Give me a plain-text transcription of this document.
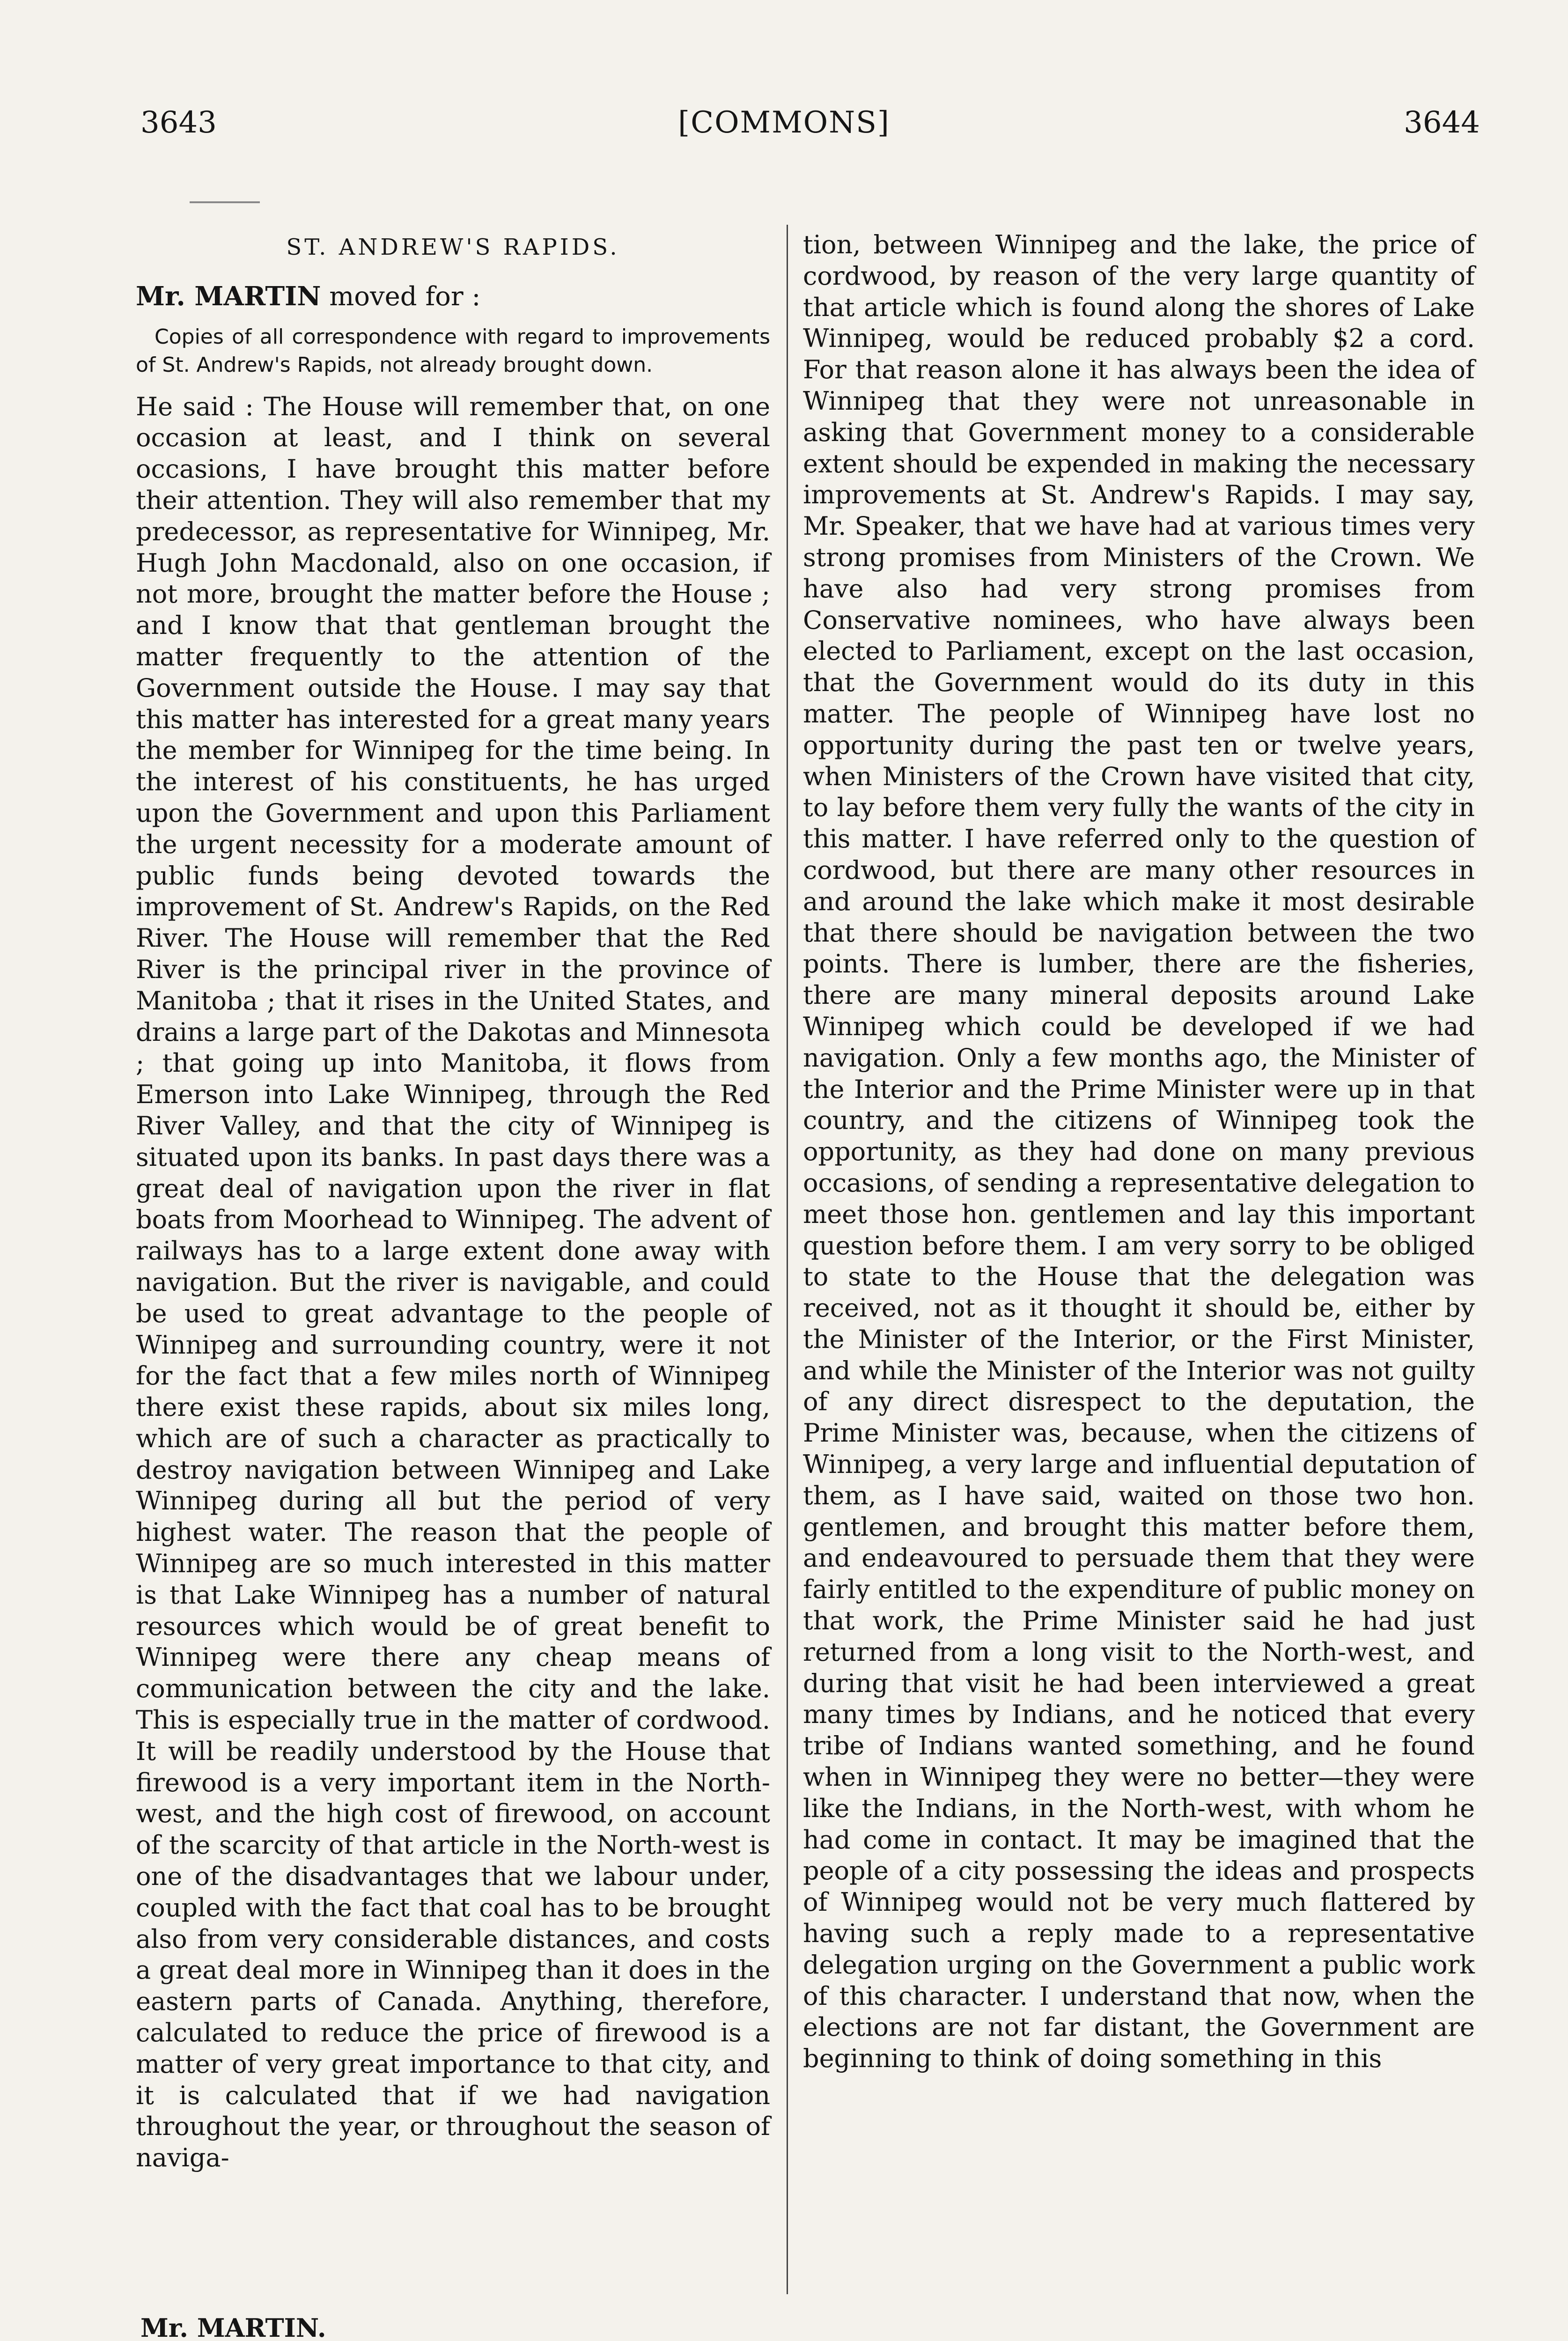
3643	[COMMONS]	3644

ST. ANDREW'S RAPIDS.

Mr. MARTIN moved for :

Copies of all correspondence with regard to improvements of St. Andrew's Rapids, not already brought down.

He said : The House will remember that, on one occasion at least, and I think on several occasions, I have brought this matter before their attention. They will also remember that my predecessor, as representative for Winnipeg, Mr. Hugh John Macdonald, also on one occasion, if not more, brought the matter before the House ; and I know that that gentleman brought the matter frequently to the attention of the Government outside the House. I may say that this matter has interested for a great many years the member for Winnipeg for the time being. In the interest of his constituents, he has urged upon the Government and upon this Parliament the urgent necessity for a moderate amount of public funds being devoted towards the improvement of St. Andrew's Rapids, on the Red River. The House will remember that the Red River is the principal river in the province of Manitoba ; that it rises in the United States, and drains a large part of the Dakotas and Minnesota ; that going up into Manitoba, it flows from Emerson into Lake Winnipeg, through the Red River Valley, and that the city of Winnipeg is situated upon its banks. In past days there was a great deal of navigation upon the river in flat boats from Moorhead to Winnipeg. The advent of railways has to a large extent done away with navigation. But the river is navigable, and could be used to great advantage to the people of Winnipeg and surrounding country, were it not for the fact that a few miles north of Winnipeg there exist these rapids, about six miles long, which are of such a character as practically to destroy navigation between Winnipeg and Lake Winnipeg during all but the period of very highest water. The reason that the people of Winnipeg are so much interested in this matter is that Lake Winnipeg has a number of natural resources which would be of great benefit to Winnipeg were there any cheap means of communication between the city and the lake. This is especially true in the matter of cordwood. It will be readily understood by the House that firewood is a very important item in the North-west, and the high cost of firewood, on account of the scarcity of that article in the North-west is one of the disadvantages that we labour under, coupled with the fact that coal has to be brought also from very considerable distances, and costs a great deal more in Winnipeg than it does in the eastern parts of Canada. Anything, therefore, calculated to reduce the price of firewood is a matter of very great importance to that city, and it is calculated that if we had navigation throughout the year, or throughout the season of naviga-

tion, between Winnipeg and the lake, the price of cordwood, by reason of the very large quantity of that article which is found along the shores of Lake Winnipeg, would be reduced probably $2 a cord. For that reason alone it has always been the idea of Winnipeg that they were not unreasonable in asking that Government money to a considerable extent should be expended in making the necessary improvements at St. Andrew's Rapids. I may say, Mr. Speaker, that we have had at various times very strong promises from Ministers of the Crown. We have also had very strong promises from Conservative nominees, who have always been elected to Parliament, except on the last occasion, that the Government would do its duty in this matter. The people of Winnipeg have lost no opportunity during the past ten or twelve years, when Ministers of the Crown have visited that city, to lay before them very fully the wants of the city in this matter. I have referred only to the question of cordwood, but there are many other resources in and around the lake which make it most desirable that there should be navigation between the two points. There is lumber, there are the fisheries, there are many mineral deposits around Lake Winnipeg which could be developed if we had navigation. Only a few months ago, the Minister of the Interior and the Prime Minister were up in that country, and the citizens of Winnipeg took the opportunity, as they had done on many previous occasions, of sending a representative delegation to meet those hon. gentlemen and lay this important question before them. I am very sorry to be obliged to state to the House that the delegation was received, not as it thought it should be, either by the Minister of the Interior, or the First Minister, and while the Minister of the Interior was not guilty of any direct disrespect to the deputation, the Prime Minister was, because, when the citizens of Winnipeg, a very large and influential deputation of them, as I have said, waited on those two hon. gentlemen, and brought this matter before them, and endeavoured to persuade them that they were fairly entitled to the expenditure of public money on that work, the Prime Minister said he had just returned from a long visit to the North-west, and during that visit he had been interviewed a great many times by Indians, and he noticed that every tribe of Indians wanted something, and he found when in Winnipeg they were no better—they were like the Indians, in the North-west, with whom he had come in contact. It may be imagined that the people of a city possessing the ideas and prospects of Winnipeg would not be very much flattered by having such a reply made to a representative delegation urging on the Government a public work of this character. I understand that now, when the elections are not far distant, the Government are beginning to think of doing something in this

Mr. MARTIN.
